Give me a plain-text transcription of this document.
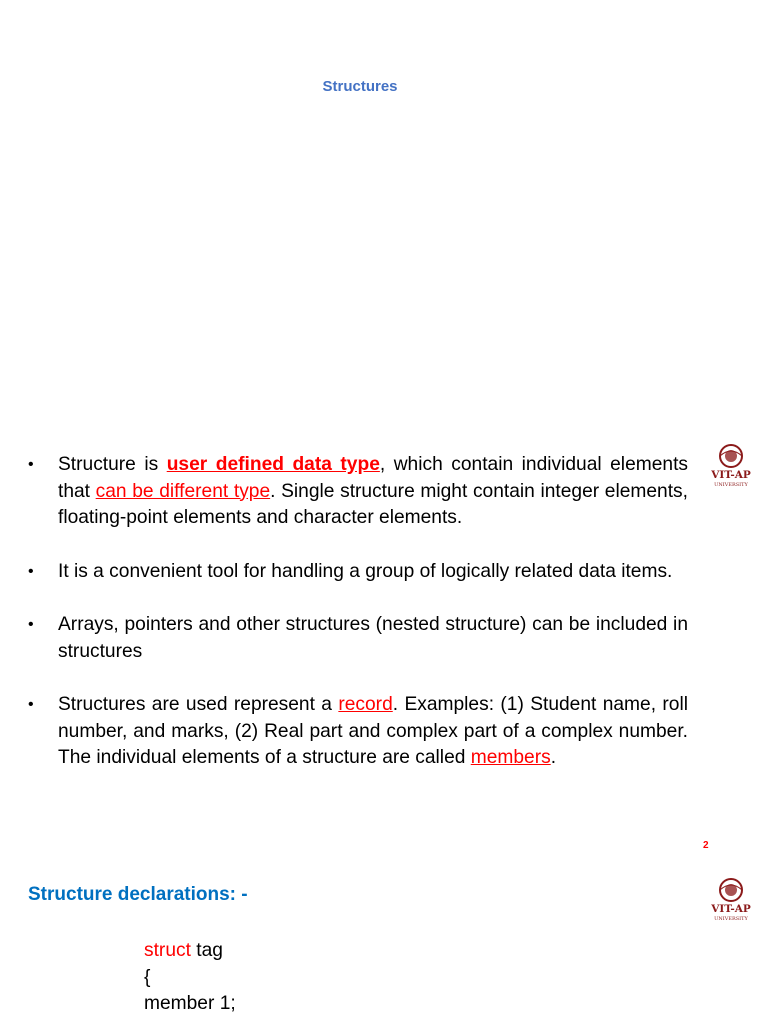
Structures
VIT-AP
UNIVERSITY
• Structure is user defined data type, which contain individual elements that can be different type. Single structure might contain integer elements, floating-point elements and character elements.
• It is a convenient tool for handling a group of logically related data items.
• Arrays, pointers and other structures (nested structure) can be included in structures
• Structures are used represent a record. Examples: (1) Student name, roll number, and marks, (2) Real part and complex part of a complex number. The individual elements of a structure are called members.
2
Structure declarations: -
VIT-AP
UNIVERSITY
struct tag
{
member 1;
